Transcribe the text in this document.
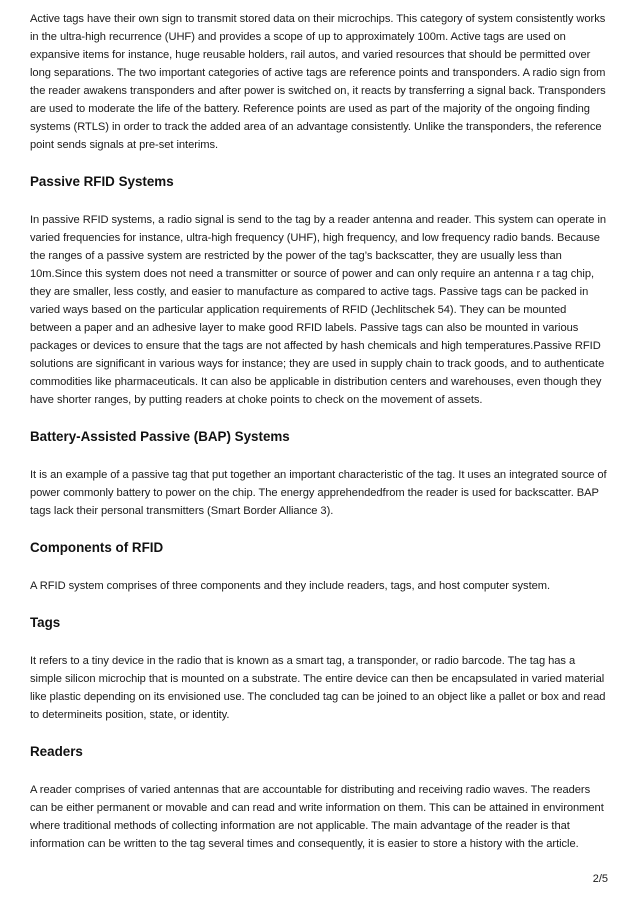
Active tags have their own sign to transmit stored data on their microchips. This category of system consistently works in the ultra-high recurrence (UHF) and provides a scope of up to approximately 100m. Active tags are used on expansive items for instance, huge reusable holders, rail autos, and varied resources that should be permitted over long separations. The two important categories of active tags are reference points and transponders. A radio sign from the reader awakens transponders and after power is switched on, it reacts by transferring a signal back. Transponders are used to moderate the life of the battery. Reference points are used as part of the majority of the ongoing finding systems (RTLS) in order to track the added area of an advantage consistently. Unlike the transponders, the reference point sends signals at pre-set interims.

Passive RFID Systems

In passive RFID systems, a radio signal is send to the tag by a reader antenna and reader. This system can operate in varied frequencies for instance, ultra-high frequency (UHF), high frequency, and low frequency radio bands. Because the ranges of a passive system are restricted by the power of the tag’s backscatter, they are usually less than 10m.Since this system does not need a transmitter or source of power and can only require an antenna r a tag chip, they are smaller, less costly, and easier to manufacture as compared to active tags. Passive tags can be packed in varied ways based on the particular application requirements of RFID (Jechlitschek 54). They can be mounted between a paper and an adhesive layer to make good RFID labels. Passive tags can also be mounted in various packages or devices to ensure that the tags are not affected by hash chemicals and high temperatures.Passive RFID solutions are significant in various ways for instance; they are used in supply chain to track goods, and to authenticate commodities like pharmaceuticals. It can also be applicable in distribution centers and warehouses, even though they have shorter ranges, by putting readers at choke points to check on the movement of assets.

Battery-Assisted Passive (BAP) Systems

It is an example of a passive tag that put together an important characteristic of the tag. It uses an integrated source of power commonly battery to power on the chip. The energy apprehendedfrom the reader is used for backscatter. BAP tags lack their personal transmitters (Smart Border Alliance 3).

Components of RFID

A RFID system comprises of three components and they include readers, tags, and host computer system.

Tags

It refers to a tiny device in the radio that is known as a smart tag, a transponder, or radio barcode. The tag has a simple silicon microchip that is mounted on a substrate. The entire device can then be encapsulated in varied material like plastic depending on its envisioned use. The concluded tag can be joined to an object like a pallet or box and read to determineits position, state, or identity.

Readers

A reader comprises of varied antennas that are accountable for distributing and receiving radio waves. The readers can be either permanent or movable and can read and write information on them. This can be attained in environment where traditional methods of collecting information are not applicable. The main advantage of the reader is that information can be written to the tag several times and consequently, it is easier to store a history with the article.

2/5
